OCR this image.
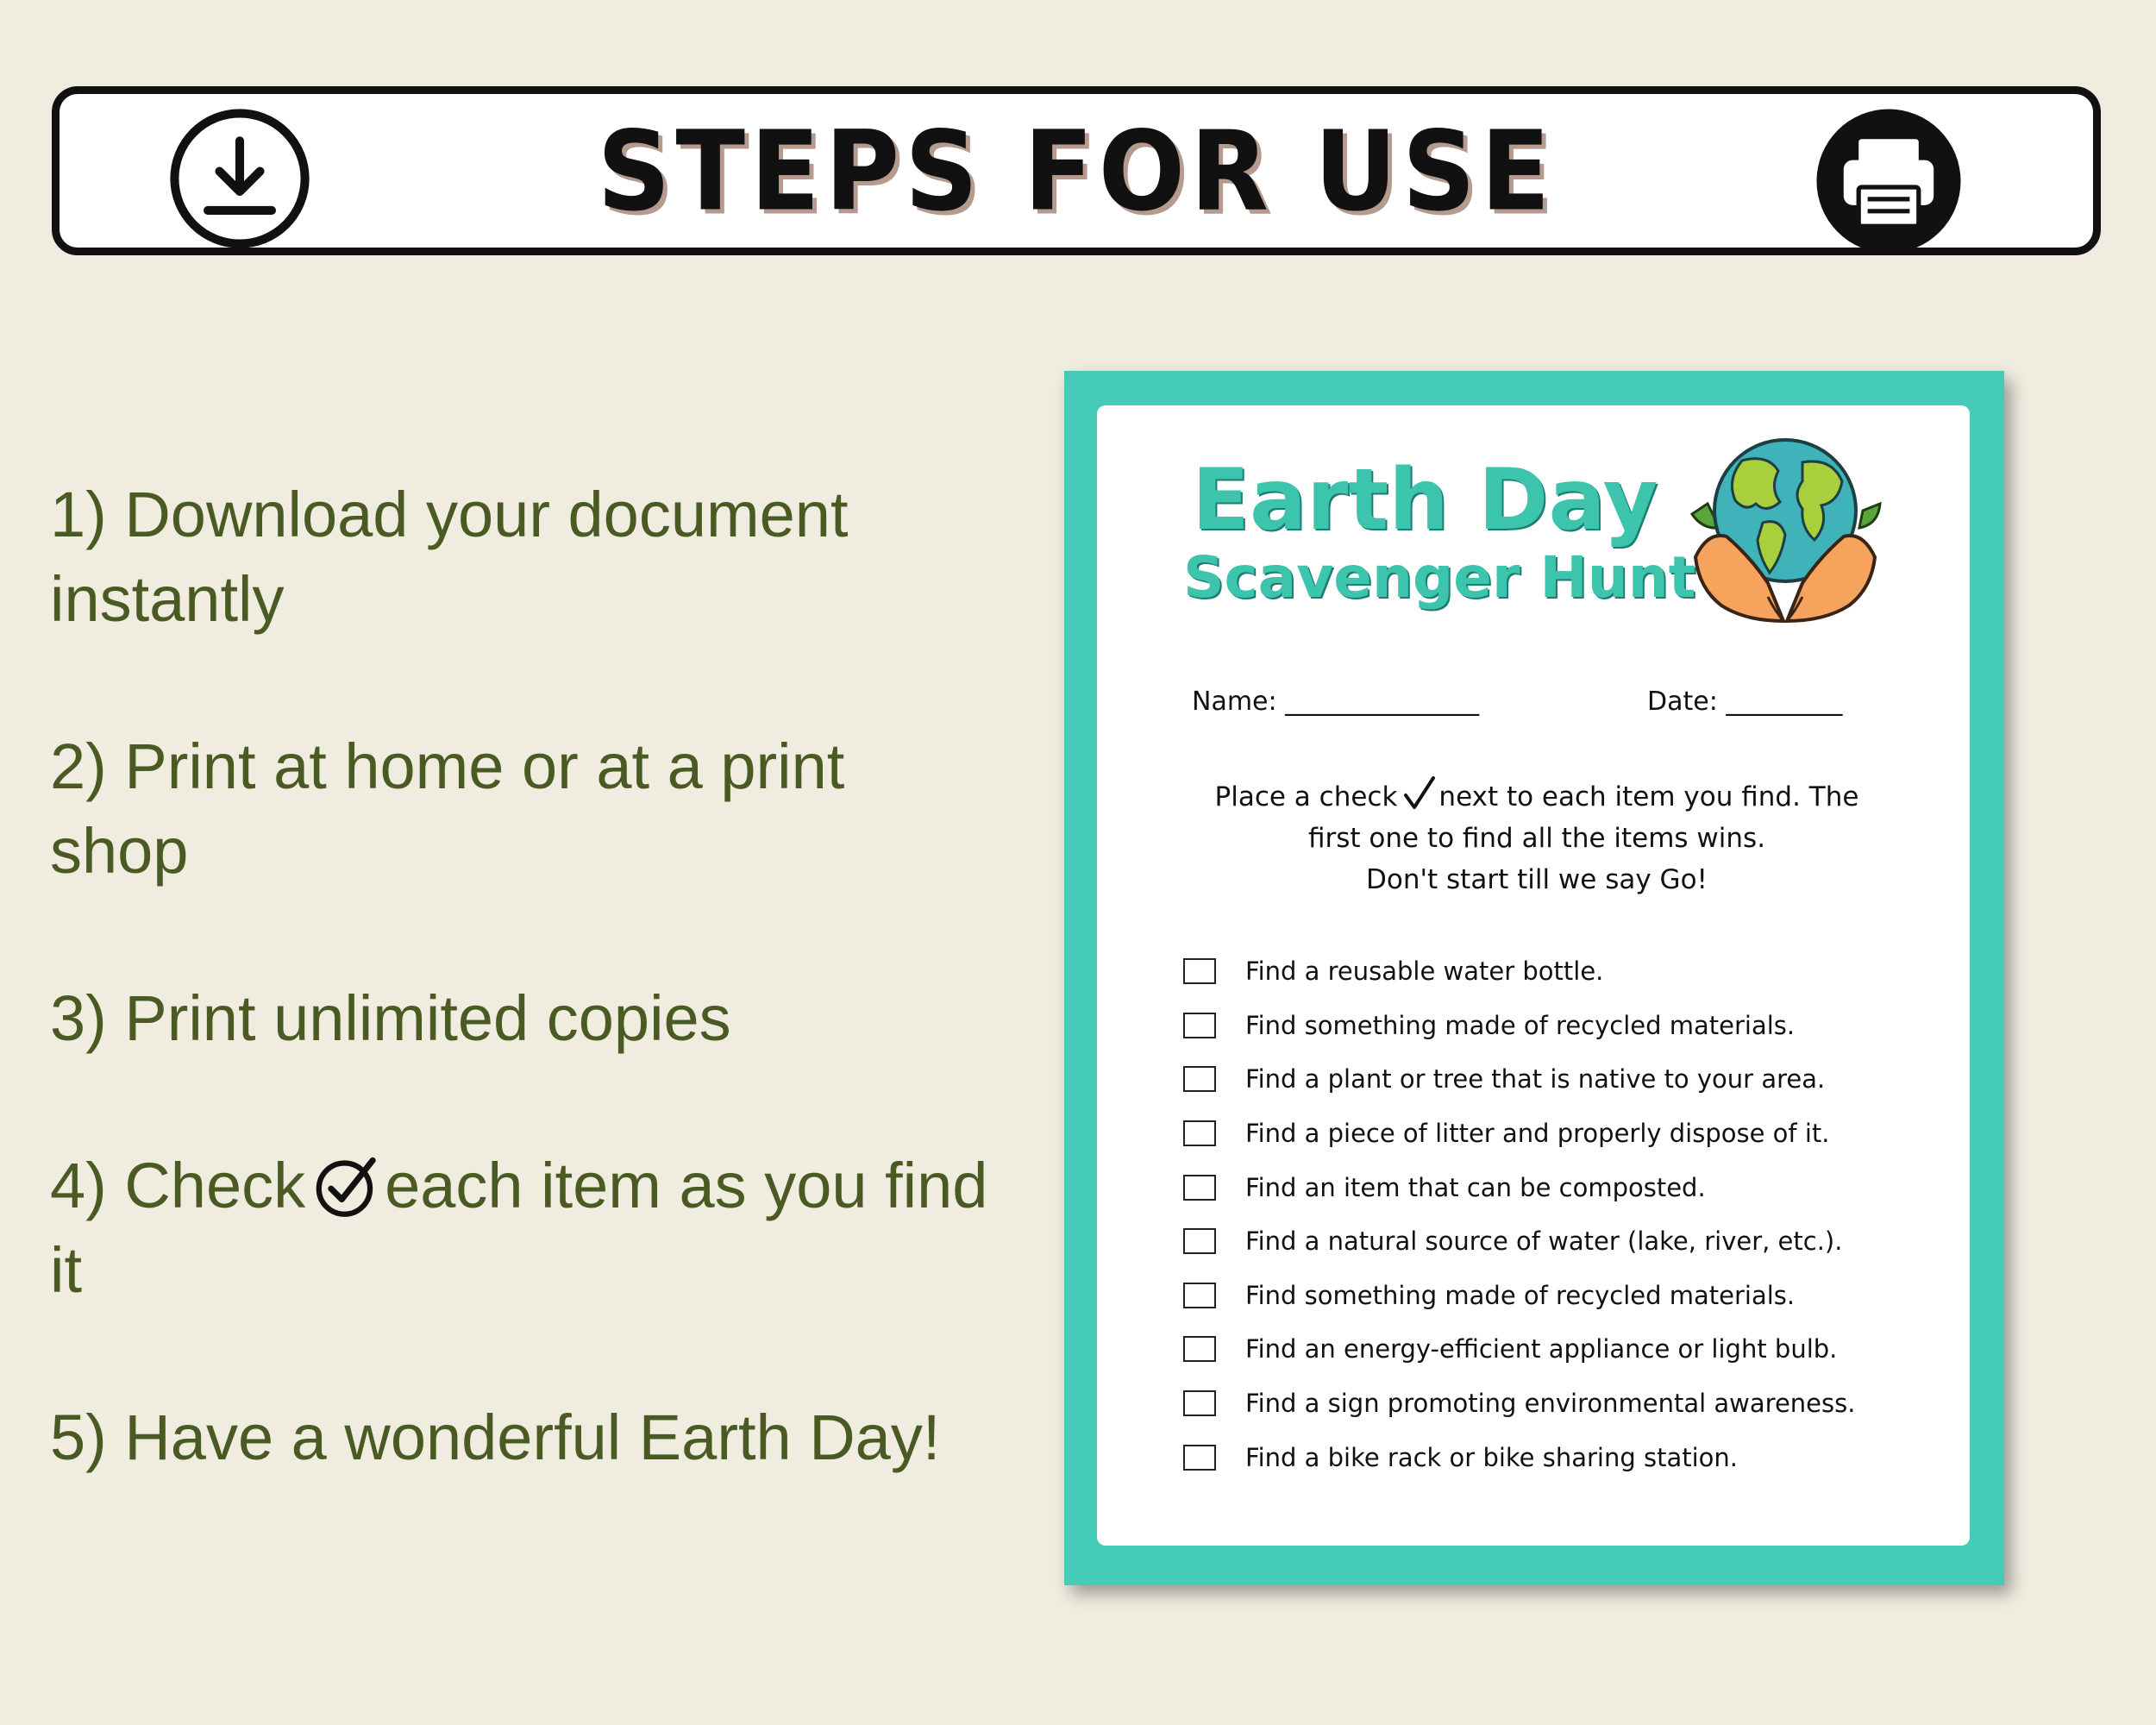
STEPS FOR USE
1) Download your document instantly
2) Print at home or at a print shop
3) Print unlimited copies
4) Check each item as you find it
5) Have a wonderful Earth Day!
Earth Day
Scavenger Hunt
Name: _______________	Date: _________
Place a check next to each item you find. The
first one to find all the items wins.
Don't start till we say Go!
Find a reusable water bottle.
Find something made of recycled materials.
Find a plant or tree that is native to your area.
Find a piece of litter and properly dispose of it.
Find an item that can be composted.
Find a natural source of water (lake, river, etc.).
Find something made of recycled materials.
Find an energy-efficient appliance or light bulb.
Find a sign promoting environmental awareness.
Find a bike rack or bike sharing station.
